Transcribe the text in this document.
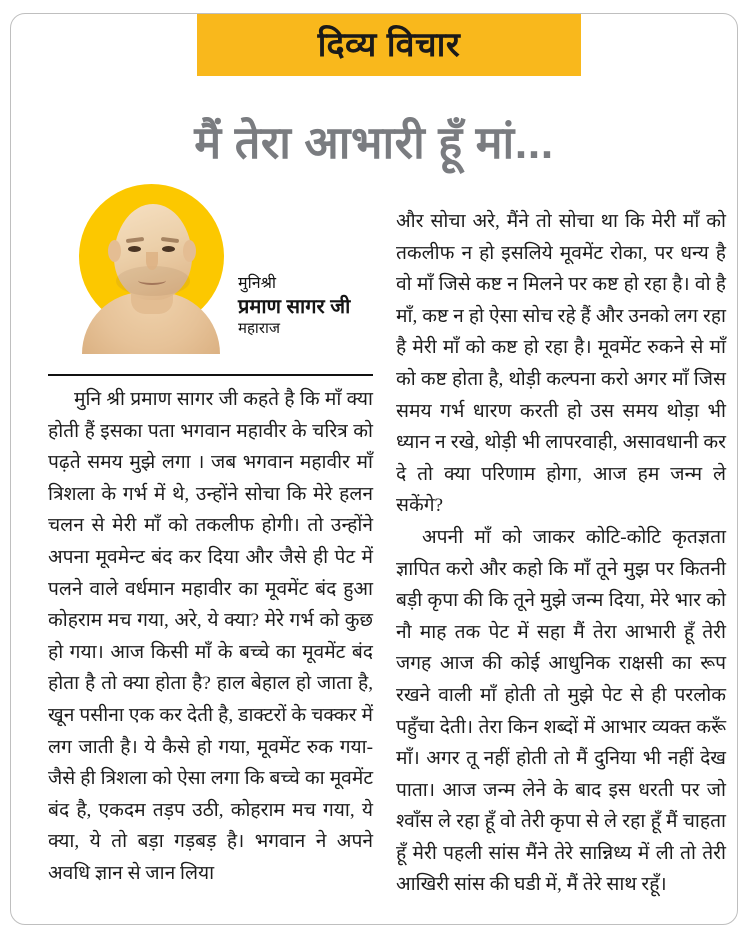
दिव्य विचार
मैं तेरा आभारी हूँ मां...
मुनिश्री
प्रमाण सागर जी
महाराज

मुनि श्री प्रमाण सागर जी कहते है कि माँ क्या होती हैं इसका पता भगवान महावीर के चरित्र को पढ़ते समय मुझे लगा । जब भगवान महावीर माँ त्रिशला के गर्भ में थे, उन्होंने सोचा कि मेरे हलन चलन से मेरी माँ को तकलीफ होगी। तो उन्होंने अपना मूवमेन्ट बंद कर दिया और जैसे ही पेट में पलने वाले वर्धमान महावीर का मूवमेंट बंद हुआ कोहराम मच गया, अरे, ये क्या? मेरे गर्भ को कुछ हो गया। आज किसी माँ के बच्चे का मूवमेंट बंद होता है तो क्या होता है? हाल बेहाल हो जाता है, खून पसीना एक कर देती है, डाक्टरों के चक्कर में लग जाती है। ये कैसे हो गया, मूवमेंट रुक गया- जैसे ही त्रिशला को ऐसा लगा कि बच्चे का मूवमेंट बंद है, एकदम तड़प उठी, कोहराम मच गया, ये क्या, ये तो बड़ा गड़बड़ है। भगवान ने अपने अवधि ज्ञान से जान लिया

और सोचा अरे, मैंने तो सोचा था कि मेरी माँ को तकलीफ न हो इसलिये मूवमेंट रोका, पर धन्य है वो माँ जिसे कष्ट न मिलने पर कष्ट हो रहा है। वो है माँ, कष्ट न हो ऐसा सोच रहे हैं और उनको लग रहा है मेरी माँ को कष्ट हो रहा है। मूवमेंट रुकने से माँ को कष्ट होता है, थोड़ी कल्पना करो अगर माँ जिस समय गर्भ धारण करती हो उस समय थोड़ा भी ध्यान न रखे, थोड़ी भी लापरवाही, असावधानी कर दे तो क्या परिणाम होगा, आज हम जन्म ले सकेंगे?

अपनी माँ को जाकर कोटि-कोटि कृतज्ञता ज्ञापित करो और कहो कि माँ तूने मुझ पर कितनी बड़ी कृपा की कि तूने मुझे जन्म दिया, मेरे भार को नौ माह तक पेट में सहा मैं तेरा आभारी हूँ तेरी जगह आज की कोई आधुनिक राक्षसी का रूप रखने वाली माँ होती तो मुझे पेट से ही परलोक पहुँचा देती। तेरा किन शब्दों में आभार व्यक्त करूँ माँ। अगर तू नहीं होती तो मैं दुनिया भी नहीं देख पाता। आज जन्म लेने के बाद इस धरती पर जो श्वाँस ले रहा हूँ वो तेरी कृपा से ले रहा हूँ मैं चाहता हूँ मेरी पहली सांस मैंने तेरे सान्निध्य में ली तो तेरी आखिरी सांस की घडी में, मैं तेरे साथ रहूँ।
